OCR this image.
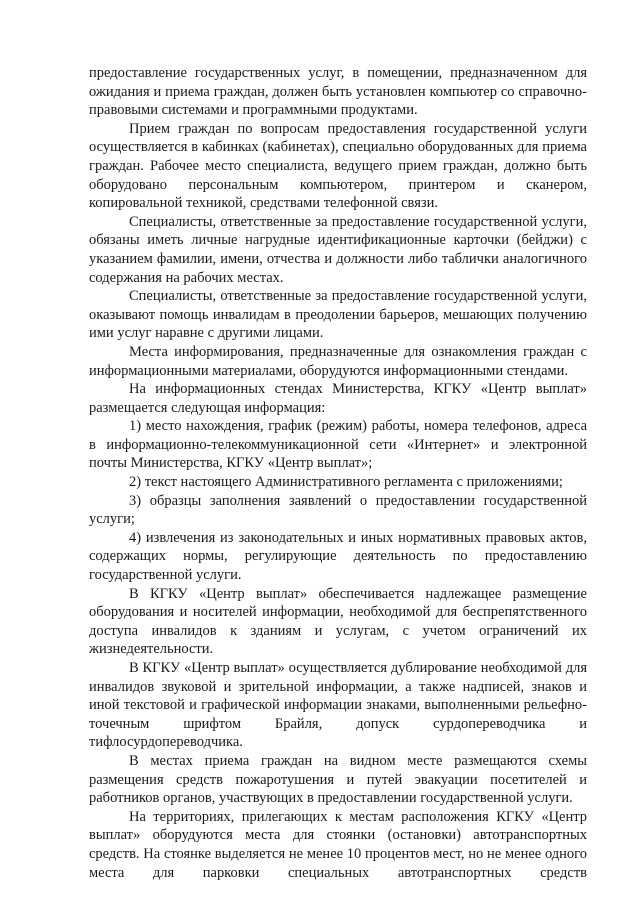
предоставление государственных услуг, в помещении, предназначенном для ожидания и приема граждан, должен быть установлен компьютер со справочно-правовыми системами и программными продуктами.

Прием граждан по вопросам предоставления государственной услуги осуществляется в кабинках (кабинетах), специально оборудованных для приема граждан. Рабочее место специалиста, ведущего прием граждан, должно быть оборудовано персональным компьютером, принтером и сканером, копировальной техникой, средствами телефонной связи.

Специалисты, ответственные за предоставление государственной услуги, обязаны иметь личные нагрудные идентификационные карточки (бейджи) с указанием фамилии, имени, отчества и должности либо таблички аналогичного содержания на рабочих местах.

Специалисты, ответственные за предоставление государственной услуги, оказывают помощь инвалидам в преодолении барьеров, мешающих получению ими услуг наравне с другими лицами.

Места информирования, предназначенные для ознакомления граждан с информационными материалами, оборудуются информационными стендами.

На информационных стендах Министерства, КГКУ «Центр выплат» размещается следующая информация:

1) место нахождения, график (режим) работы, номера телефонов, адреса в информационно-телекоммуникационной сети «Интернет» и электронной почты Министерства, КГКУ «Центр выплат»;

2) текст настоящего Административного регламента с приложениями;

3) образцы заполнения заявлений о предоставлении государственной услуги;

4) извлечения из законодательных и иных нормативных правовых актов, содержащих нормы, регулирующие деятельность по предоставлению государственной услуги.

В КГКУ «Центр выплат» обеспечивается надлежащее размещение оборудования и носителей информации, необходимой для беспрепятственного доступа инвалидов к зданиям и услугам, с учетом ограничений их жизнедеятельности.

В КГКУ «Центр выплат» осуществляется дублирование необходимой для инвалидов звуковой и зрительной информации, а также надписей, знаков и иной текстовой и графической информации знаками, выполненными рельефно-точечным шрифтом Брайля, допуск сурдопереводчика и тифлосурдопереводчика.

В местах приема граждан на видном месте размещаются схемы размещения средств пожаротушения и путей эвакуации посетителей и работников органов, участвующих в предоставлении государственной услуги.

На территориях, прилегающих к местам расположения КГКУ «Центр выплат» оборудуются места для стоянки (остановки) автотранспортных средств. На стоянке выделяется не менее 10 процентов мест, но не менее одного места для парковки специальных автотранспортных средств
